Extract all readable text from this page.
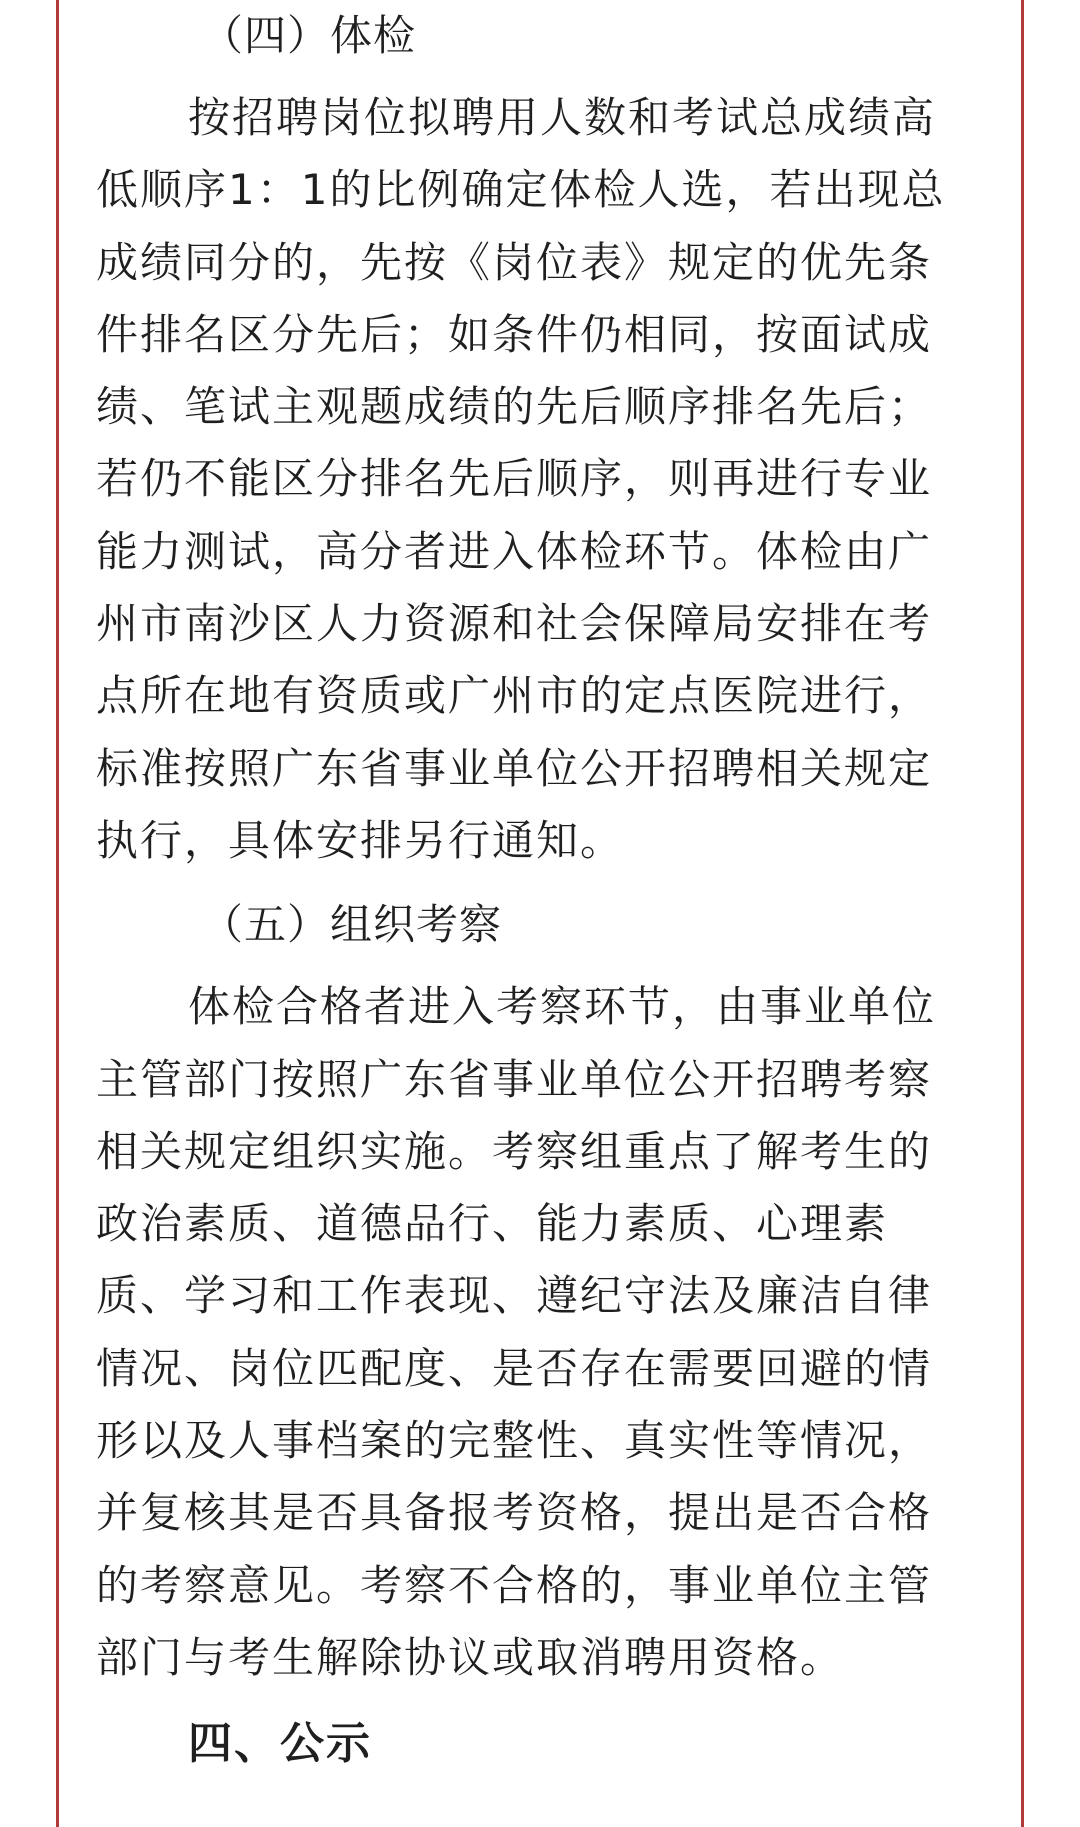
（四）体检
按招聘岗位拟聘用人数和考试总成绩高
低顺序1：1的比例确定体检人选，若出现总
成绩同分的，先按《岗位表》规定的优先条
件排名区分先后；如条件仍相同，按面试成
绩、笔试主观题成绩的先后顺序排名先后；
若仍不能区分排名先后顺序，则再进行专业
能力测试，高分者进入体检环节。体检由广
州市南沙区人力资源和社会保障局安排在考
点所在地有资质或广州市的定点医院进行，
标准按照广东省事业单位公开招聘相关规定
执行，具体安排另行通知。
（五）组织考察
体检合格者进入考察环节，由事业单位
主管部门按照广东省事业单位公开招聘考察
相关规定组织实施。考察组重点了解考生的
政治素质、道德品行、能力素质、心理素
质、学习和工作表现、遵纪守法及廉洁自律
情况、岗位匹配度、是否存在需要回避的情
形以及人事档案的完整性、真实性等情况，
并复核其是否具备报考资格，提出是否合格
的考察意见。考察不合格的，事业单位主管
部门与考生解除协议或取消聘用资格。
四、公示
